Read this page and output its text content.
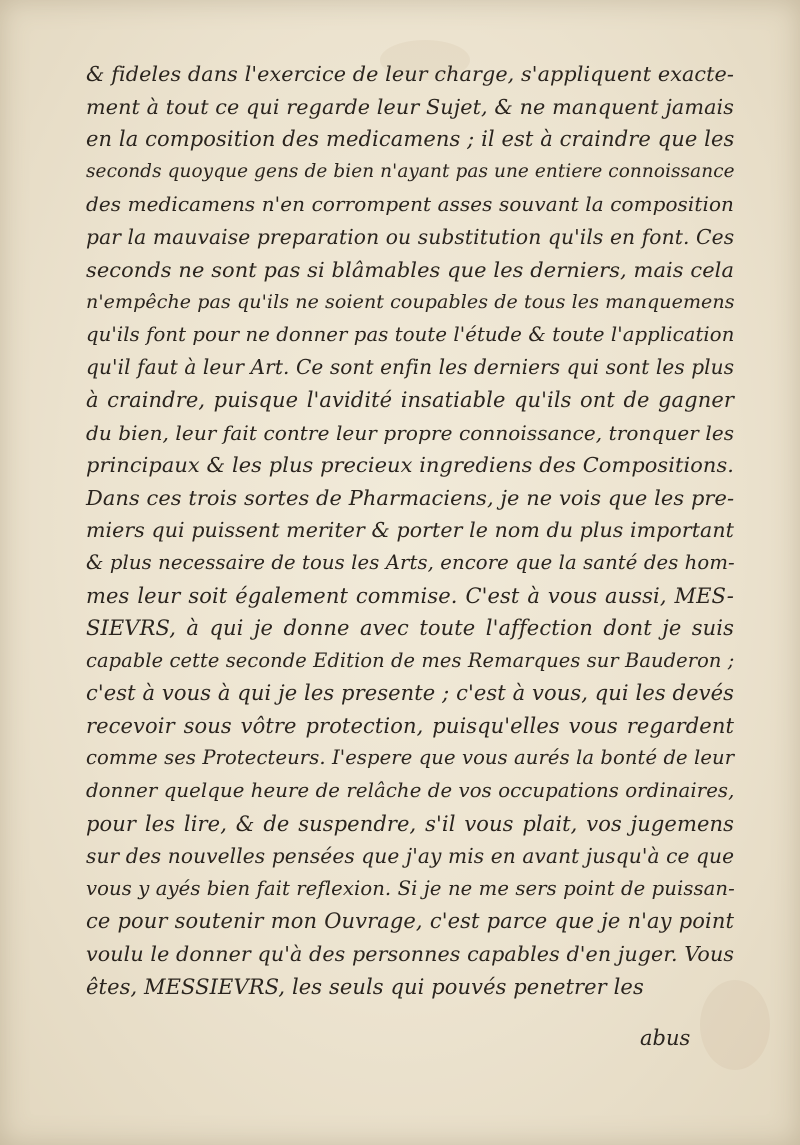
& fideles dans l'exercice de leur charge, s'appliquent exacte-
ment à tout ce qui regarde leur Sujet, & ne manquent jamais
en la composition des medicamens ; il est à craindre que les
seconds quoyque gens de bien n'ayant pas une entiere connoissance
des medicamens n'en corrompent asses souvant la composition
par la mauvaise preparation ou substitution qu'ils en font. Ces
seconds ne sont pas si blâmables que les derniers, mais cela
n'empêche pas qu'ils ne soient coupables de tous les manquemens
qu'ils font pour ne donner pas toute l'étude & toute l'application
qu'il faut à leur Art. Ce sont enfin les derniers qui sont les plus
à craindre, puisque l'avidité insatiable qu'ils ont de gagner
du bien, leur fait contre leur propre connoissance, tronquer les
principaux & les plus precieux ingrediens des Compositions.
Dans ces trois sortes de Pharmaciens, je ne vois que les pre-
miers qui puissent meriter & porter le nom du plus important
& plus necessaire de tous les Arts, encore que la santé des hom-
mes leur soit également commise. C'est à vous aussi, MES-
SIEVRS, à qui je donne avec toute l'affection dont je suis
capable cette seconde Edition de mes Remarques sur Bauderon ;
c'est à vous à qui je les presente ; c'est à vous, qui les devés
recevoir sous vôtre protection, puisqu'elles vous regardent
comme ses Protecteurs. I'espere que vous aurés la bonté de leur
donner quelque heure de relâche de vos occupations ordinaires,
pour les lire, & de suspendre, s'il vous plait, vos jugemens
sur des nouvelles pensées que j'ay mis en avant jusqu'à ce que
vous y ayés bien fait reflexion. Si je ne me sers point de puissan-
ce pour soutenir mon Ouvrage, c'est parce que je n'ay point
voulu le donner qu'à des personnes capables d'en juger. Vous
êtes, MESSIEVRS, les seuls qui pouvés penetrer les
abus
